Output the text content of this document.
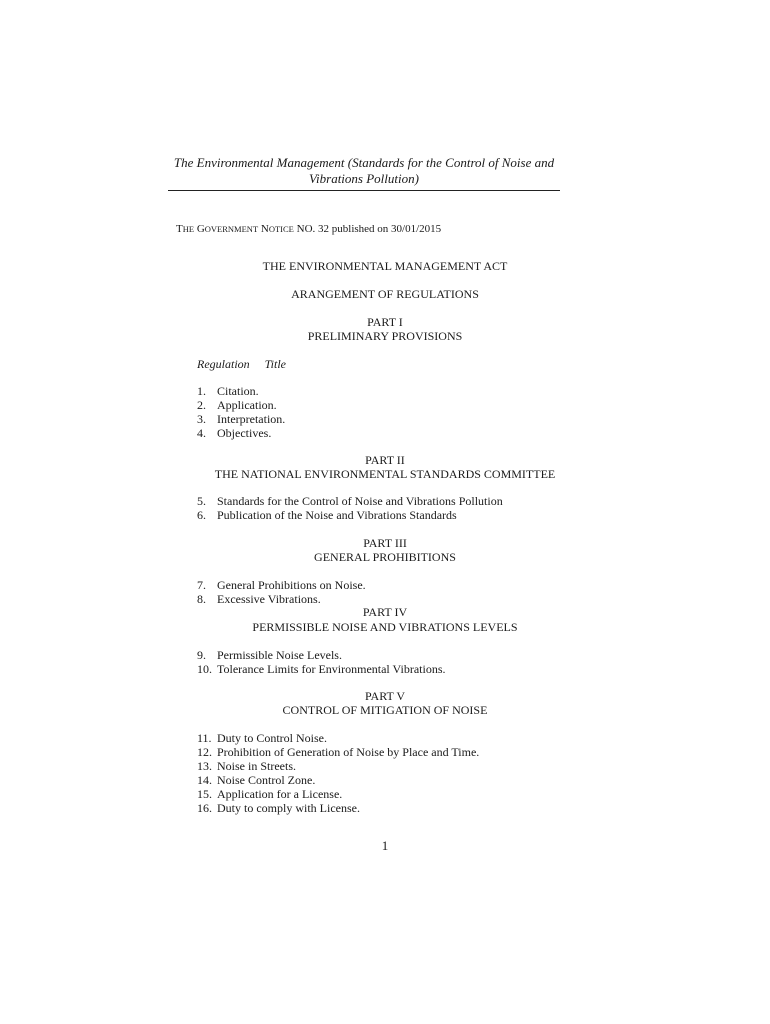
The Environmental Management (Standards for the Control of Noise and
Vibrations Pollution)
THE GOVERNMENT NOTICE NO. 32 published on 30/01/2015
THE ENVIRONMENTAL MANAGEMENT ACT
ARANGEMENT OF REGULATIONS
PART I
PRELIMINARY PROVISIONS
Regulation Title
1. Citation.
2. Application.
3. Interpretation.
4. Objectives.
PART II
THE NATIONAL ENVIRONMENTAL STANDARDS COMMITTEE
5. Standards for the Control of Noise and Vibrations Pollution
6. Publication of the Noise and Vibrations Standards
PART III
GENERAL PROHIBITIONS
7. General Prohibitions on Noise.
8. Excessive Vibrations.
PART IV
PERMISSIBLE NOISE AND VIBRATIONS LEVELS
9. Permissible Noise Levels.
10. Tolerance Limits for Environmental Vibrations.
PART V
CONTROL OF MITIGATION OF NOISE
11. Duty to Control Noise.
12. Prohibition of Generation of Noise by Place and Time.
13. Noise in Streets.
14. Noise Control Zone.
15. Application for a License.
16. Duty to comply with License.
1
